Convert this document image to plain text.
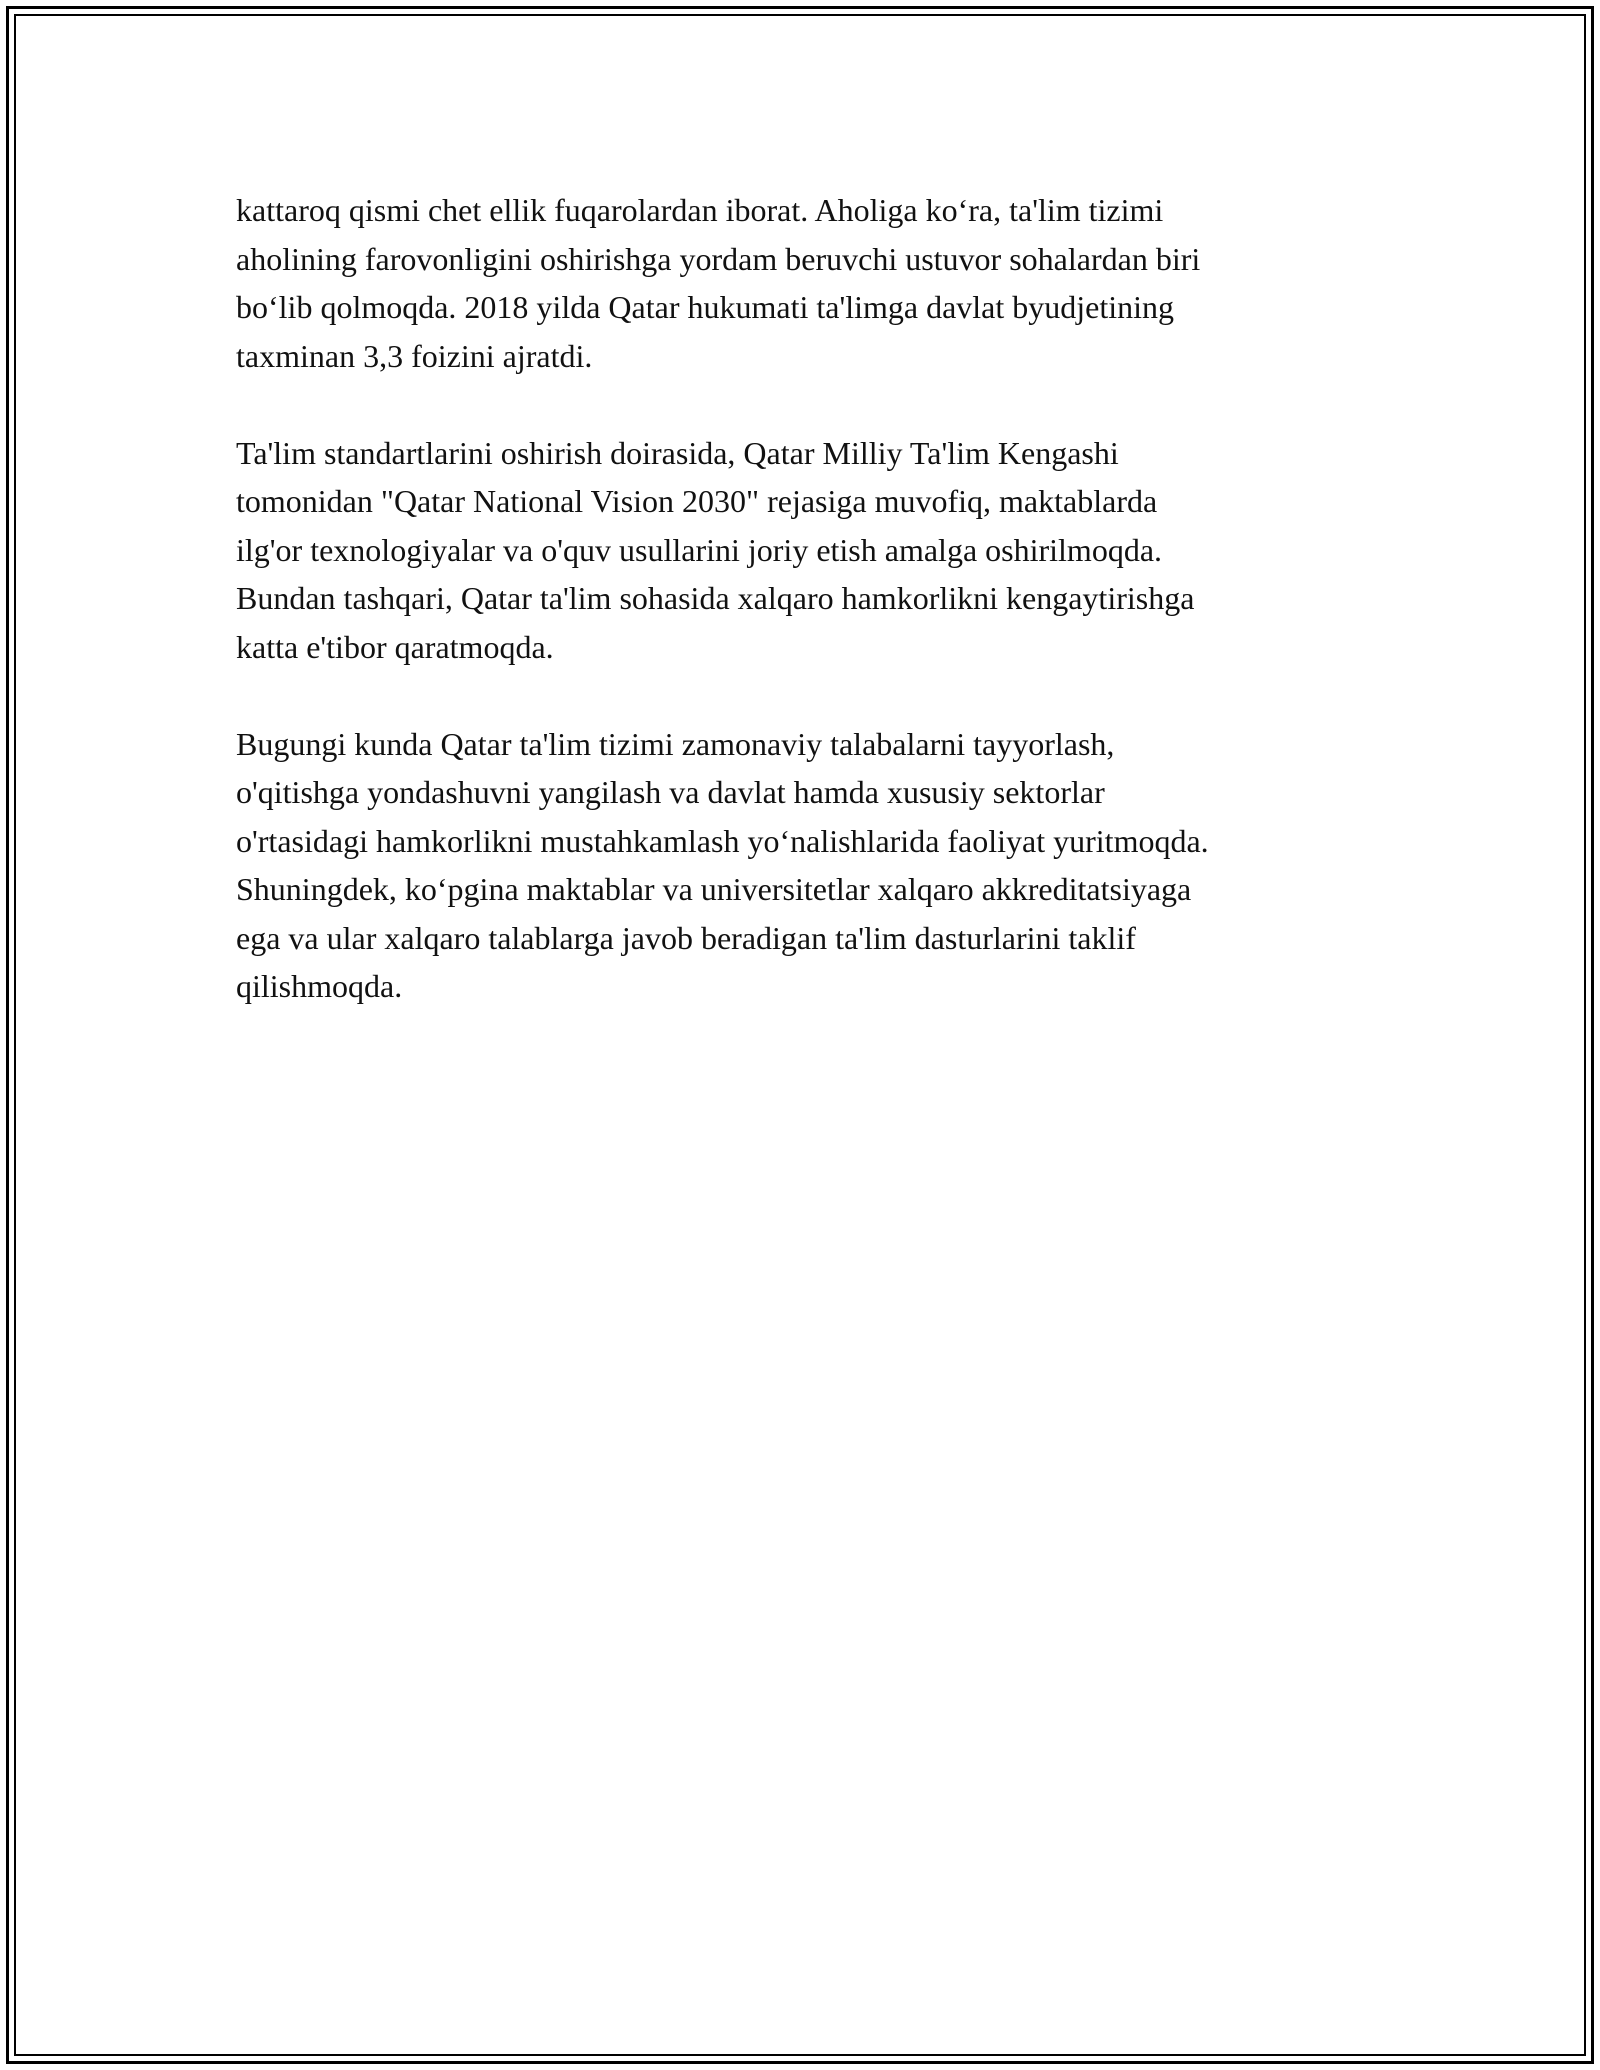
kattaroq qismi chet ellik fuqarolardan iborat. Aholiga ko‘ra, ta'lim tizimi
aholining farovonligini oshirishga yordam beruvchi ustuvor sohalardan biri
bo‘lib qolmoqda. 2018 yilda Qatar hukumati ta'limga davlat byudjetining
taxminan 3,3 foizini ajratdi.

Ta'lim standartlarini oshirish doirasida, Qatar Milliy Ta'lim Kengashi
tomonidan "Qatar National Vision 2030" rejasiga muvofiq, maktablarda
ilg'or texnologiyalar va o'quv usullarini joriy etish amalga oshirilmoqda.
Bundan tashqari, Qatar ta'lim sohasida xalqaro hamkorlikni kengaytirishga
katta e'tibor qaratmoqda.

Bugungi kunda Qatar ta'lim tizimi zamonaviy talabalarni tayyorlash,
o'qitishga yondashuvni yangilash va davlat hamda xususiy sektorlar
o'rtasidagi hamkorlikni mustahkamlash yo‘nalishlarida faoliyat yuritmoqda.
Shuningdek, ko‘pgina maktablar va universitetlar xalqaro akkreditatsiyaga
ega va ular xalqaro talablarga javob beradigan ta'lim dasturlarini taklif
qilishmoqda.
